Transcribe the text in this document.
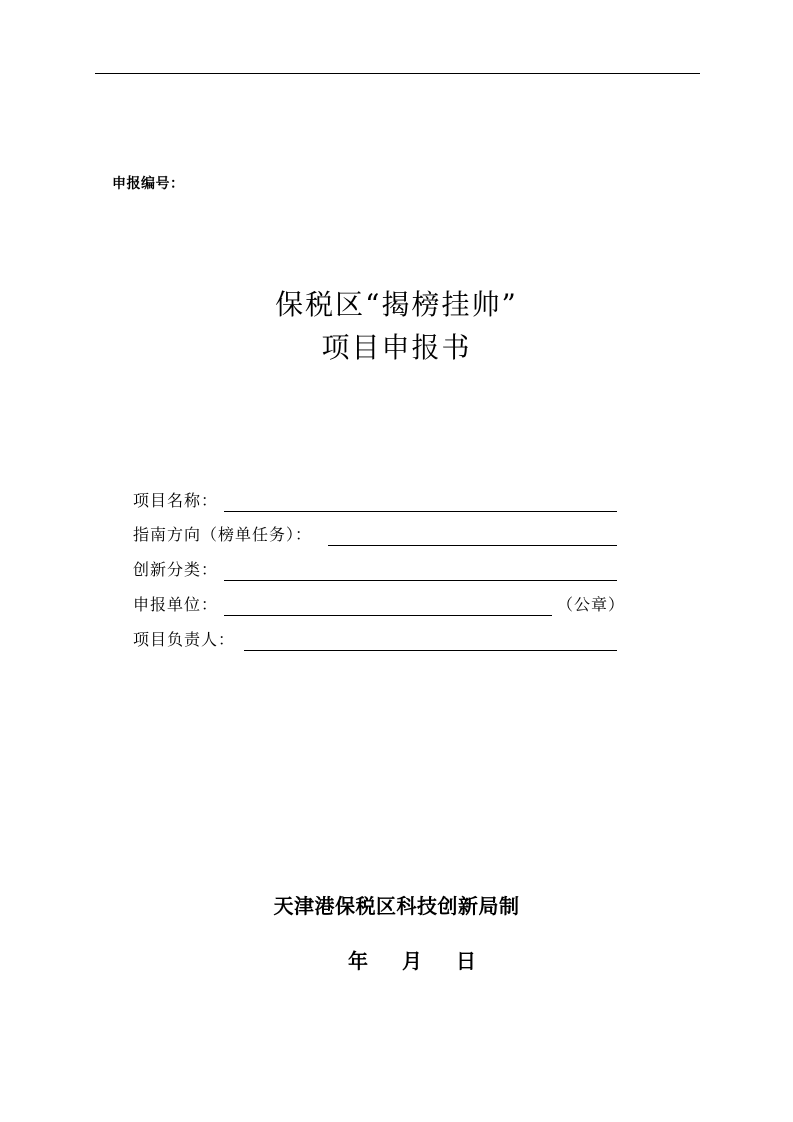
申报编号：
保税区“揭榜挂帅”
项目申报书
项目名称：
指南方向（榜单任务）：
创新分类：
申报单位：	（公章）
项目负责人：
天津港保税区科技创新局制
年 月 日
